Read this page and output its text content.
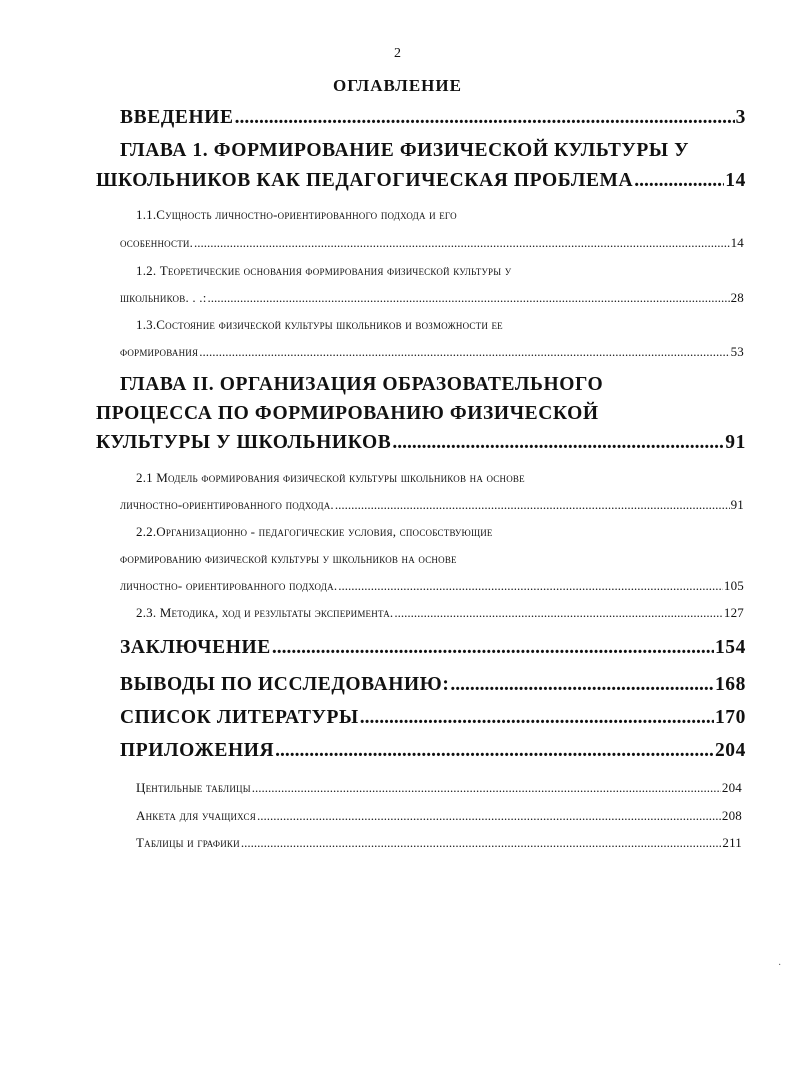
2
ОГЛАВЛЕНИЕ
ВВЕДЕНИЕ .....	3
ГЛАВА 1. ФОРМИРОВАНИЕ ФИЗИЧЕСКОЙ КУЛЬТУРЫ У
ШКОЛЬНИКОВ КАК ПЕДАГОГИЧЕСКАЯ ПРОБЛЕМА .....	14
1.1.Сущность личностно-ориентированного подхода и его
особенности. .....	14
1.2. Теоретические основания формирования физической культуры у
школьников. . .: .....	28
1.3.Состояние физической культуры школьников и возможности ее
формирования .....	53
ГЛАВА II. ОРГАНИЗАЦИЯ ОБРАЗОВАТЕЛЬНОГО
ПРОЦЕССА ПО ФОРМИРОВАНИЮ ФИЗИЧЕСКОЙ
КУЛЬТУРЫ У ШКОЛЬНИКОВ .....	91
2.1 Модель формирования физической культуры школьников на основе
личностно-ориентированного подхода. .....	91
2.2.Организационно - педагогические условия, способствующие
формированию физической культуры у школьников на основе
личностно- ориентированного подхода. .....	105
2.3. Методика, ход и результаты эксперимента. .....	127
ЗАКЛЮЧЕНИЕ .....	154
ВЫВОДЫ ПО ИССЛЕДОВАНИЮ: .....	168
СПИСОК ЛИТЕРАТУРЫ .....	170
ПРИЛОЖЕНИЯ .....	204
Центильные таблицы .....	204
Анкета для учащихся .....	208
Таблицы и графики .....	211
·
